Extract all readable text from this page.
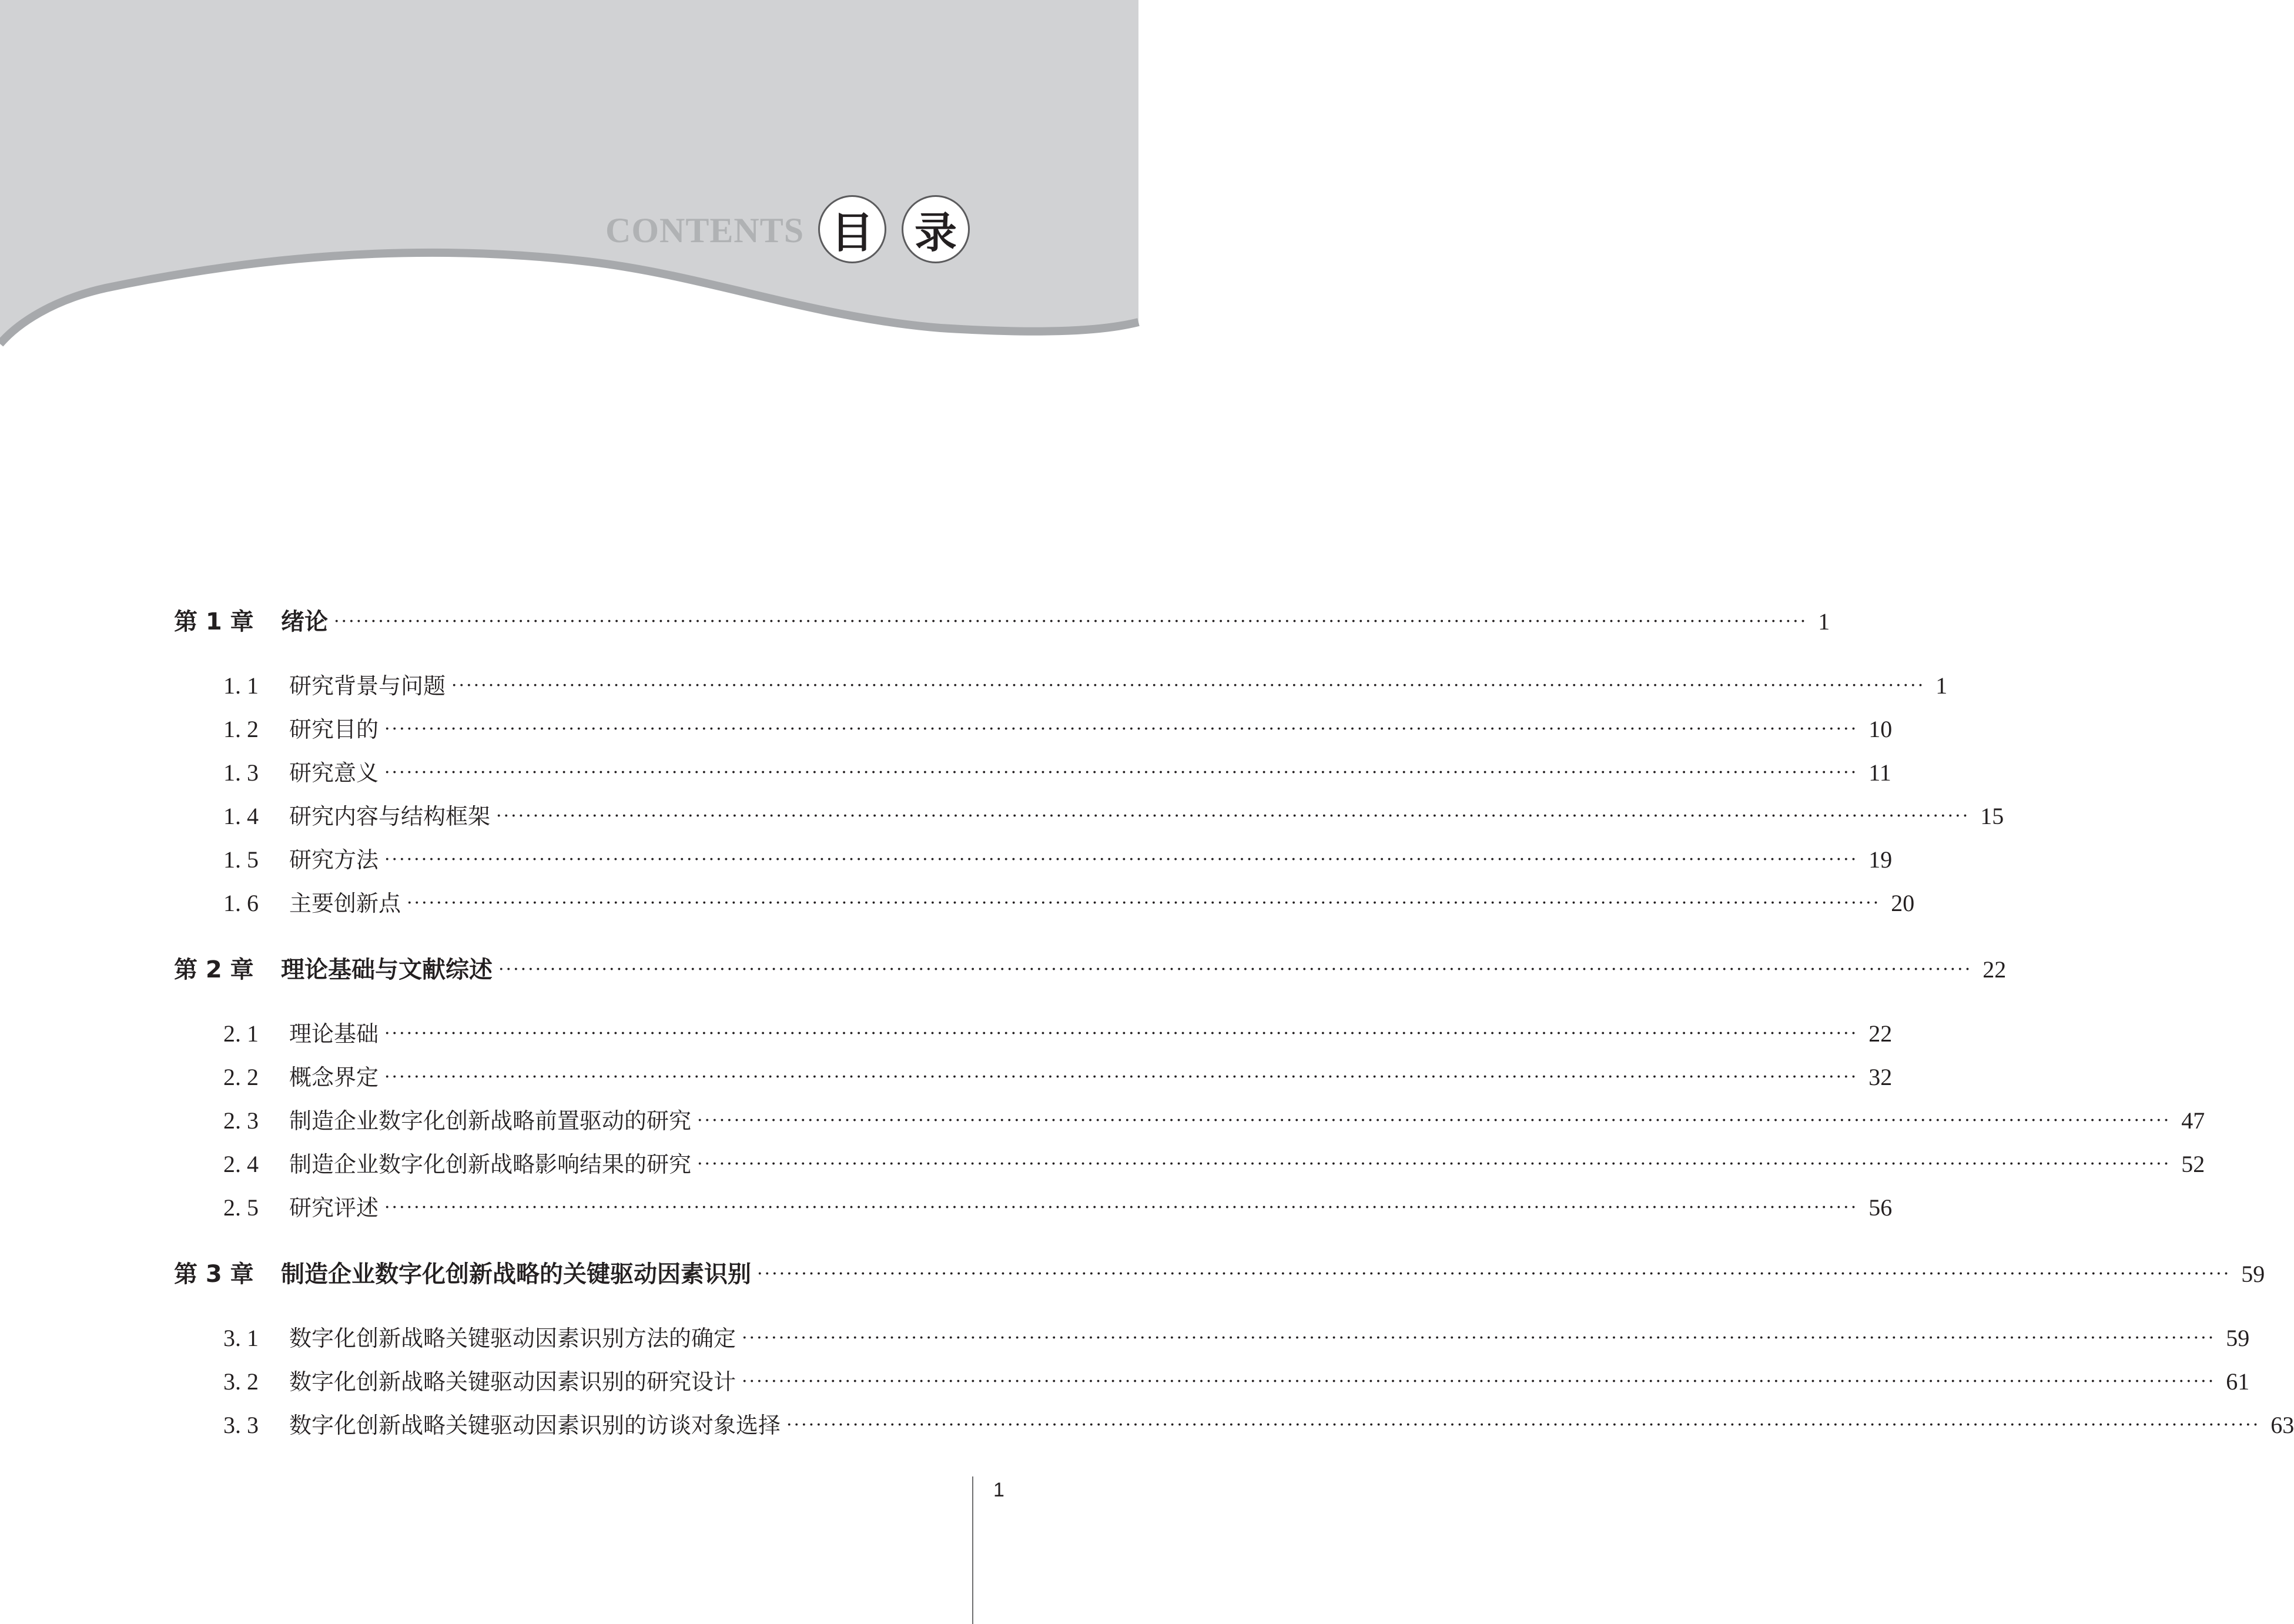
CONTENTS 目 录
第 1 章	绪论 ········································································································································································································ 1
1. 1	研究背景与问题 ········································································································································································································ 1
1. 2	研究目的 ········································································································································································································ 10
1. 3	研究意义 ········································································································································································································ 11
1. 4	研究内容与结构框架 ········································································································································································································ 15
1. 5	研究方法 ········································································································································································································ 19
1. 6	主要创新点 ········································································································································································································ 20
第 2 章	理论基础与文献综述 ········································································································································································································ 22
2. 1	理论基础 ········································································································································································································ 22
2. 2	概念界定 ········································································································································································································ 32
2. 3	制造企业数字化创新战略前置驱动的研究 ········································································································································································································ 47
2. 4	制造企业数字化创新战略影响结果的研究 ········································································································································································································ 52
2. 5	研究评述 ········································································································································································································ 56
第 3 章	制造企业数字化创新战略的关键驱动因素识别 ········································································································································································································ 59
3. 1	数字化创新战略关键驱动因素识别方法的确定 ········································································································································································································ 59
3. 2	数字化创新战略关键驱动因素识别的研究设计 ········································································································································································································ 61
3. 3	数字化创新战略关键驱动因素识别的访谈对象选择 ········································································································································································································ 63
1
